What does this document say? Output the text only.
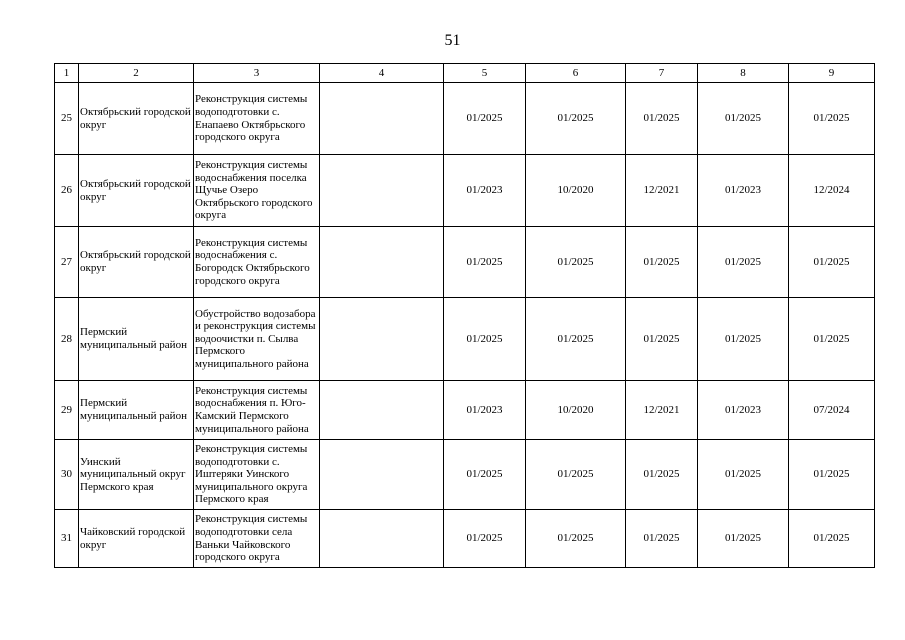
51
1	2	3	4	5	6	7	8	9
25	Октябрьский городской округ	Реконструкция системы водоподготовки с. Енапаево Октябрьского городского округа		01/2025	01/2025	01/2025	01/2025	01/2025
26	Октябрьский городской округ	Реконструкция системы водоснабжения поселка Щучье Озеро Октябрьского городского округа		01/2023	10/2020	12/2021	01/2023	12/2024
27	Октябрьский городской округ	Реконструкция системы водоснабжения с. Богородск Октябрьского городского округа		01/2025	01/2025	01/2025	01/2025	01/2025
28	Пермский муниципальный район	Обустройство водозабора и реконструкция системы водоочистки п. Сылва Пермского муниципального района		01/2025	01/2025	01/2025	01/2025	01/2025
29	Пермский муниципальный район	Реконструкция системы водоснабжения п. Юго-Камский Пермского муниципального района		01/2023	10/2020	12/2021	01/2023	07/2024
30	Уинский муниципальный округ Пермского края	Реконструкция системы водоподготовки с. Иштеряки Уинского муниципального округа Пермского края		01/2025	01/2025	01/2025	01/2025	01/2025
31	Чайковский городской округ	Реконструкция системы водоподготовки села Ваньки Чайковского городского округа		01/2025	01/2025	01/2025	01/2025	01/2025
